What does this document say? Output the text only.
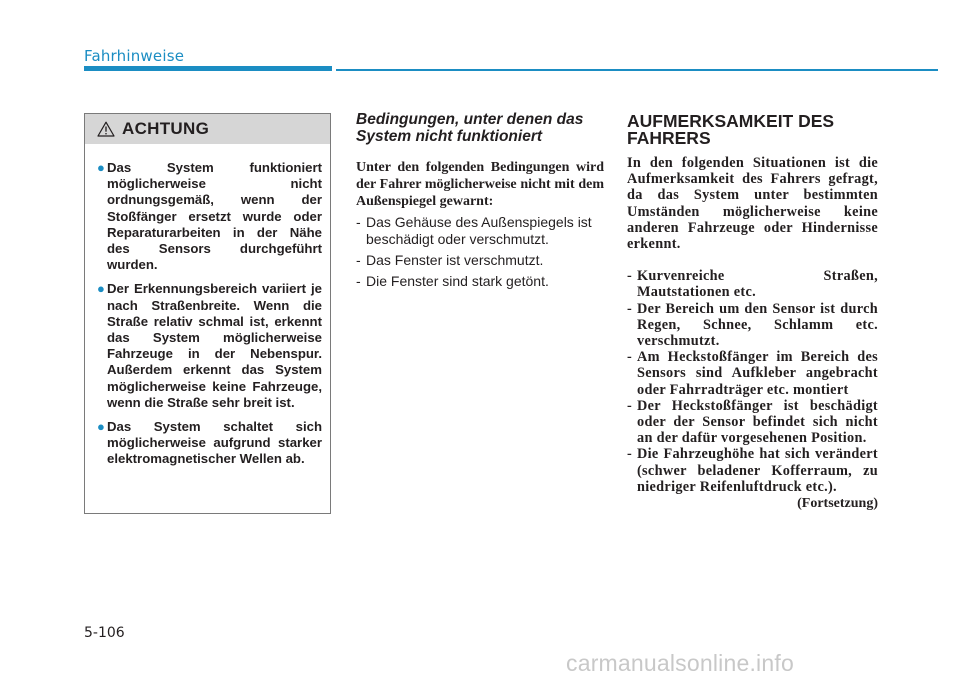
Fahrhinweise
ACHTUNG
● Das System funktioniert möglicherweise nicht ordnungsgemäß, wenn der Stoßfänger ersetzt wurde oder Reparaturarbeiten in der Nähe des Sensors durchgeführt wurden.
● Der Erkennungsbereich variiert je nach Straßenbreite. Wenn die Straße relativ schmal ist, erkennt das System möglicherweise Fahrzeuge in der Nebenspur. Außerdem erkennt das System möglicherweise keine Fahrzeuge, wenn die Straße sehr breit ist.
● Das System schaltet sich möglicherweise aufgrund starker elektromagnetischer Wellen ab.
Bedingungen, unter denen das System nicht funktioniert

Unter den folgenden Bedingungen wird der Fahrer möglicherweise nicht mit dem Außenspiegel gewarnt:

- Das Gehäuse des Außenspiegels ist beschädigt oder verschmutzt.
- Das Fenster ist verschmutzt.
- Die Fenster sind stark getönt.
AUFMERKSAMKEIT DES FAHRERS

In den folgenden Situationen ist die Aufmerksamkeit des Fahrers gefragt, da das System unter bestimmten Umständen möglicherweise keine anderen Fahrzeuge oder Hindernisse erkennt.

- Kurvenreiche Straßen, Mautstationen etc.
- Der Bereich um den Sensor ist durch Regen, Schnee, Schlamm etc. verschmutzt.
- Am Heckstoßfänger im Bereich des Sensors sind Aufkleber angebracht oder Fahrradträger etc. montiert
- Der Heckstoßfänger ist beschädigt oder der Sensor befindet sich nicht an der dafür vorgesehenen Position.
- Die Fahrzeughöhe hat sich verändert (schwer beladener Kofferraum, zu niedriger Reifenluftdruck etc.).
(Fortsetzung)
5-106
carmanualsonline.info
